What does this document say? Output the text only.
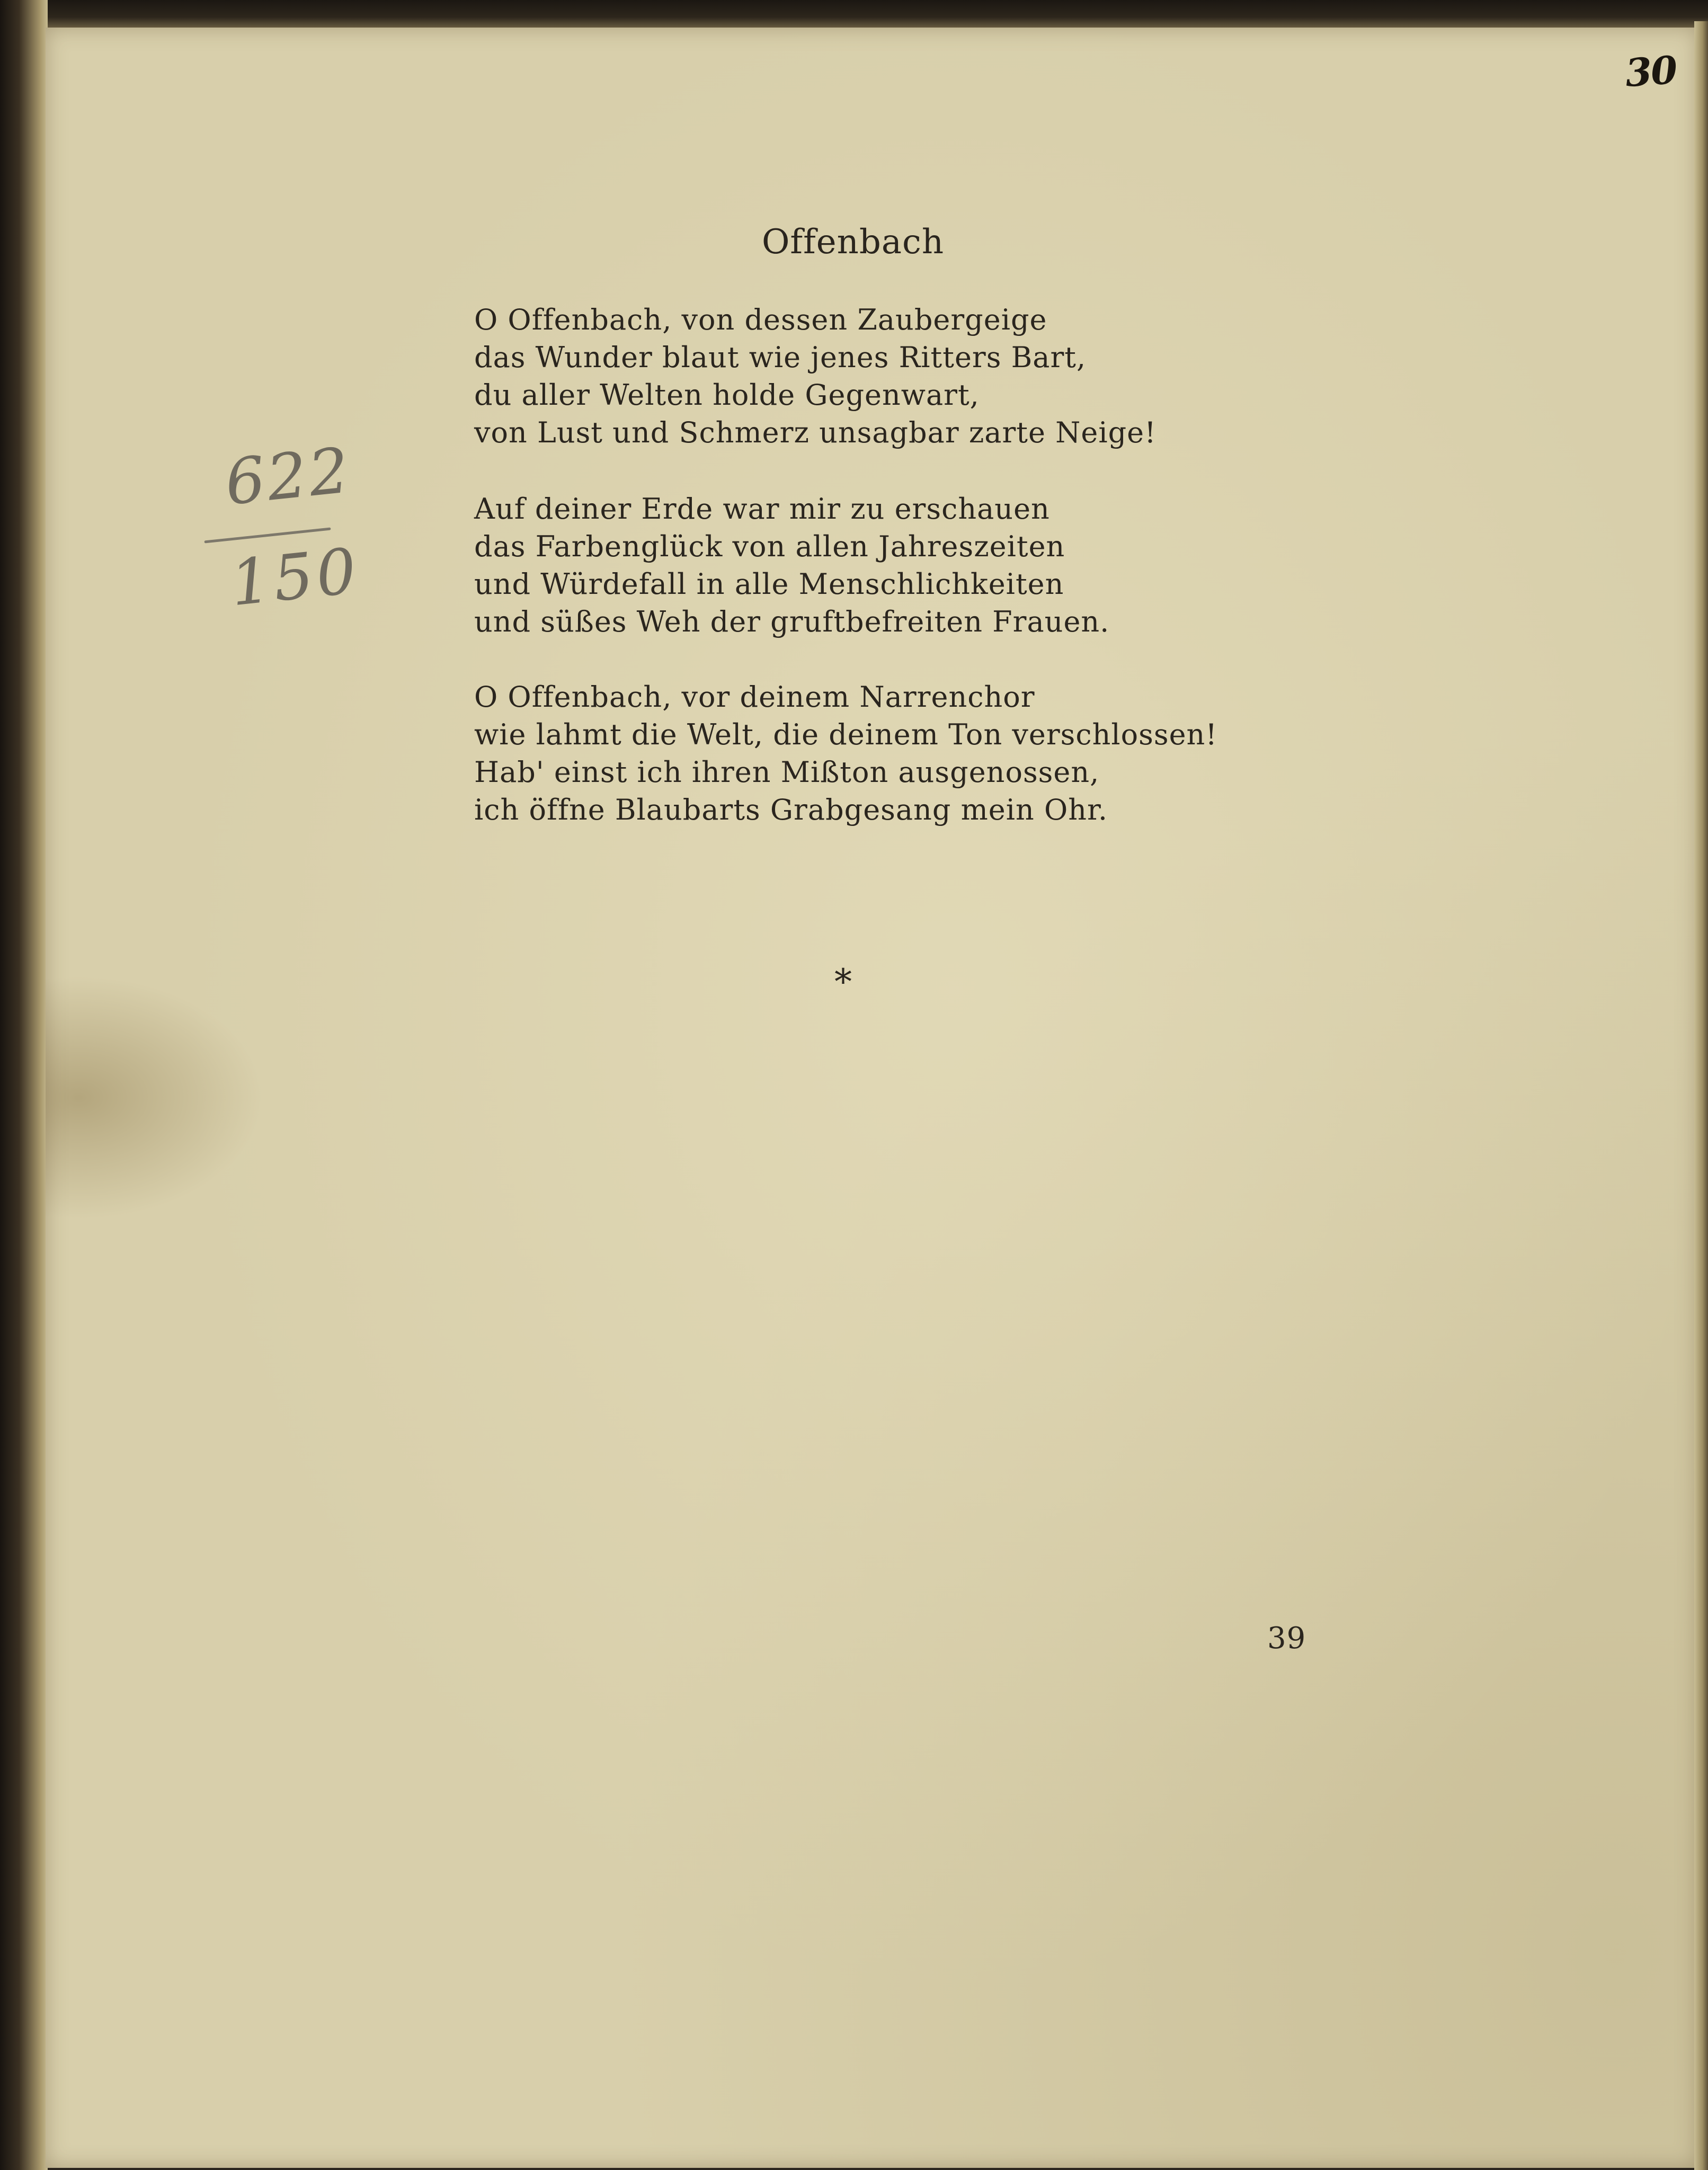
30
622
150
Offenbach
O Offenbach, von dessen Zaubergeige
das Wunder blaut wie jenes Ritters Bart,
du aller Welten holde Gegenwart,
von Lust und Schmerz unsagbar zarte Neige!
Auf deiner Erde war mir zu erschauen
das Farbenglück von allen Jahreszeiten
und Würdefall in alle Menschlichkeiten
und süßes Weh der gruftbefreiten Frauen.
O Offenbach, vor deinem Narrenchor
wie lahmt die Welt, die deinem Ton verschlossen!
Hab' einst ich ihren Mißton ausgenossen,
ich öffne Blaubarts Grabgesang mein Ohr.
*
39
